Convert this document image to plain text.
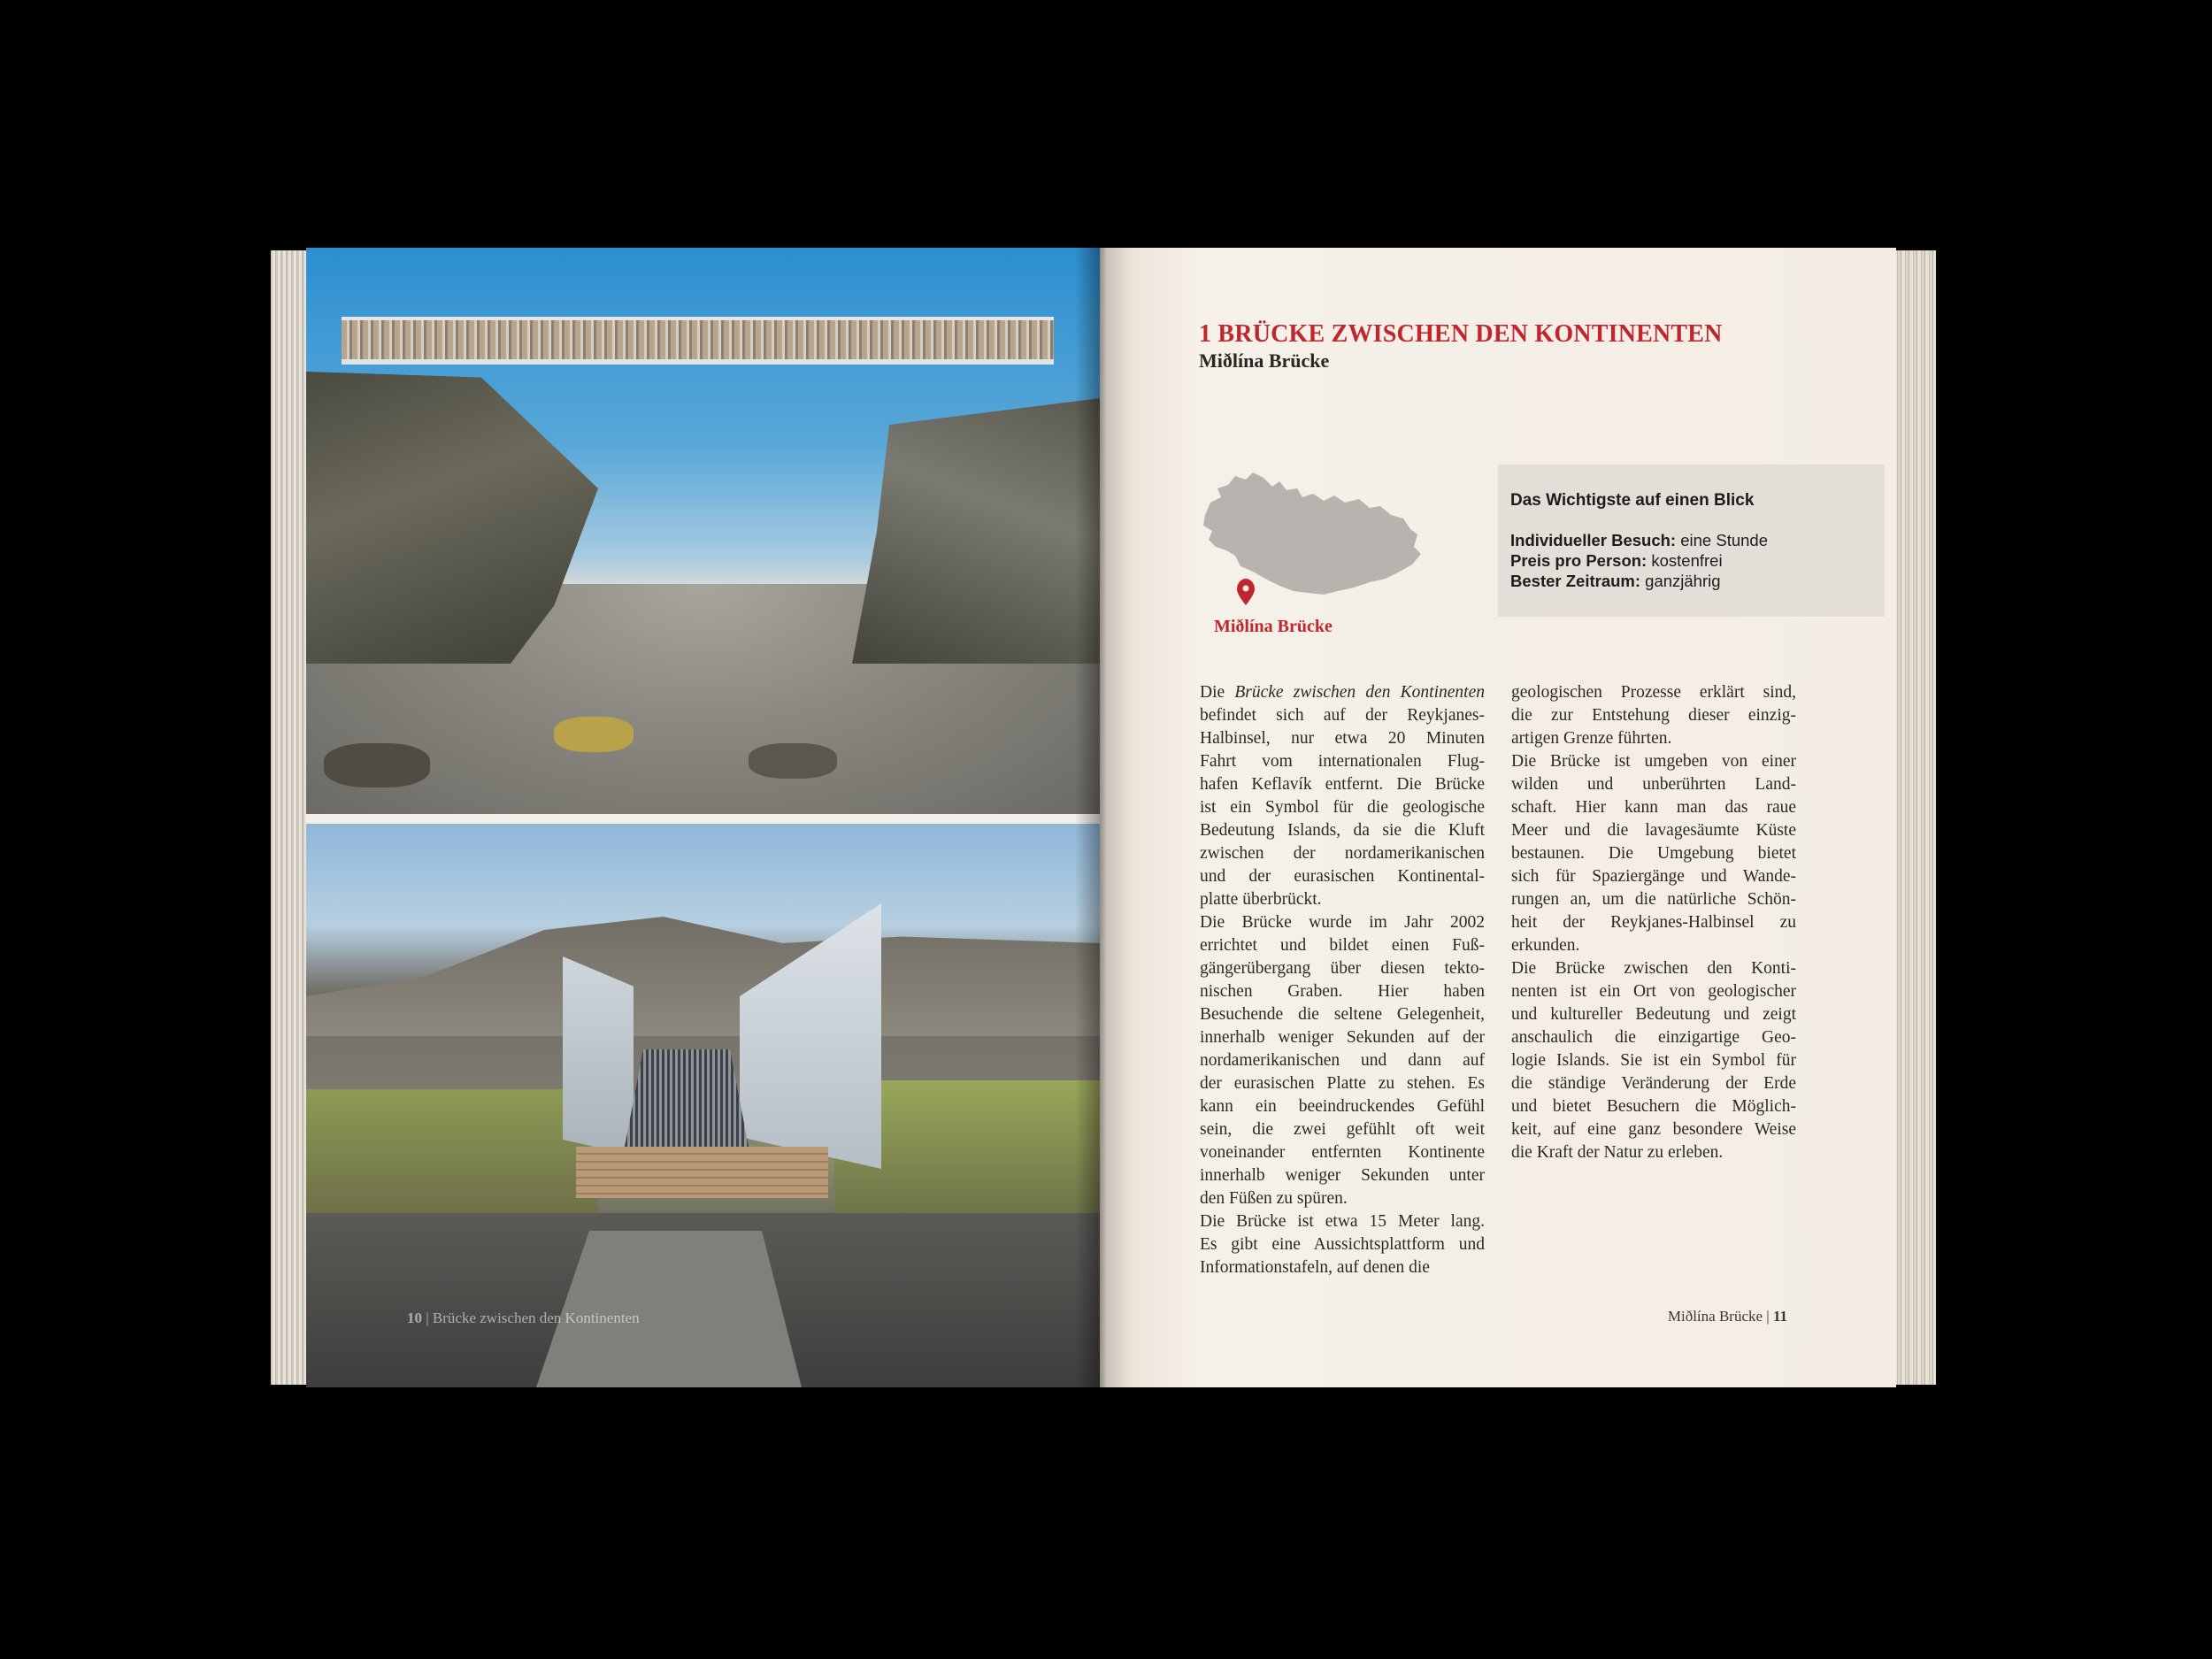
10 | Brücke zwischen den Kontinenten
1 BRÜCKE ZWISCHEN DEN KONTINENTEN
Miðlína Brücke
Miðlína Brücke
Das Wichtigste auf einen Blick
Individueller Besuch: eine Stunde
Preis pro Person: kostenfrei
Bester Zeitraum: ganzjährig
Die Brücke zwischen den Kontinenten
befindet sich auf der Reykjanes-
Halbinsel, nur etwa 20 Minuten
Fahrt vom internationalen Flug-
hafen Keflavík entfernt. Die Brücke
ist ein Symbol für die geologische
Bedeutung Islands, da sie die Kluft
zwischen der nordamerikanischen
und der eurasischen Kontinental-
platte überbrückt.
Die Brücke wurde im Jahr 2002
errichtet und bildet einen Fuß-
gängerübergang über diesen tekto-
nischen Graben. Hier haben
Besuchende die seltene Gelegenheit,
innerhalb weniger Sekunden auf der
nordamerikanischen und dann auf
der eurasischen Platte zu stehen. Es
kann ein beeindruckendes Gefühl
sein, die zwei gefühlt oft weit
voneinander entfernten Kontinente
innerhalb weniger Sekunden unter
den Füßen zu spüren.
Die Brücke ist etwa 15 Meter lang.
Es gibt eine Aussichtsplattform und
Informationstafeln, auf denen die
geologischen Prozesse erklärt sind,
die zur Entstehung dieser einzig-
artigen Grenze führten.
Die Brücke ist umgeben von einer
wilden und unberührten Land-
schaft. Hier kann man das raue
Meer und die lavagesäumte Küste
bestaunen. Die Umgebung bietet
sich für Spaziergänge und Wande-
rungen an, um die natürliche Schön-
heit der Reykjanes-Halbinsel zu
erkunden.
Die Brücke zwischen den Konti-
nenten ist ein Ort von geologischer
und kultureller Bedeutung und zeigt
anschaulich die einzigartige Geo-
logie Islands. Sie ist ein Symbol für
die ständige Veränderung der Erde
und bietet Besuchern die Möglich-
keit, auf eine ganz besondere Weise
die Kraft der Natur zu erleben.
Miðlína Brücke | 11
